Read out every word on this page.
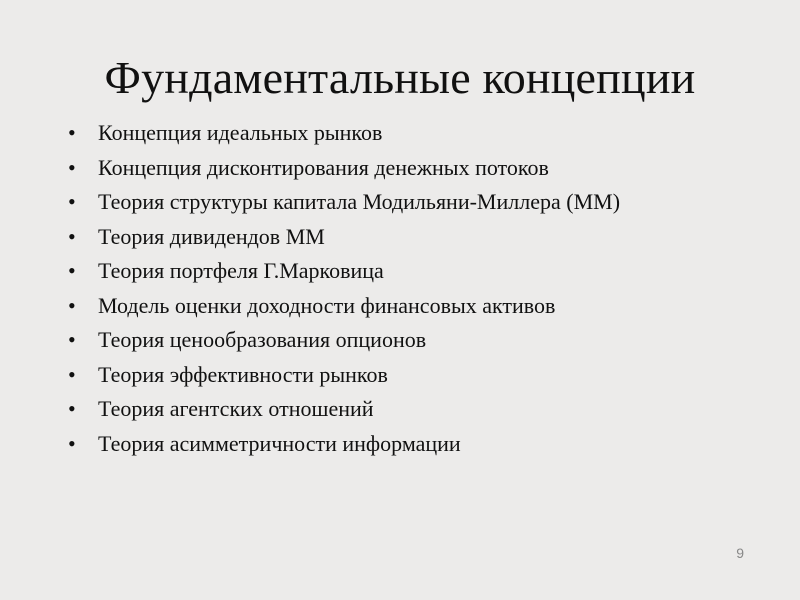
Фундаментальные концепции
• Концепция идеальных рынков
• Концепция дисконтирования денежных потоков
• Теория структуры капитала Модильяни-Миллера (ММ)
• Теория дивидендов ММ
• Теория портфеля Г.Марковица
• Модель оценки доходности финансовых активов
• Теория ценообразования опционов
• Теория эффективности рынков
• Теория агентских отношений
• Теория асимметричности информации
9
